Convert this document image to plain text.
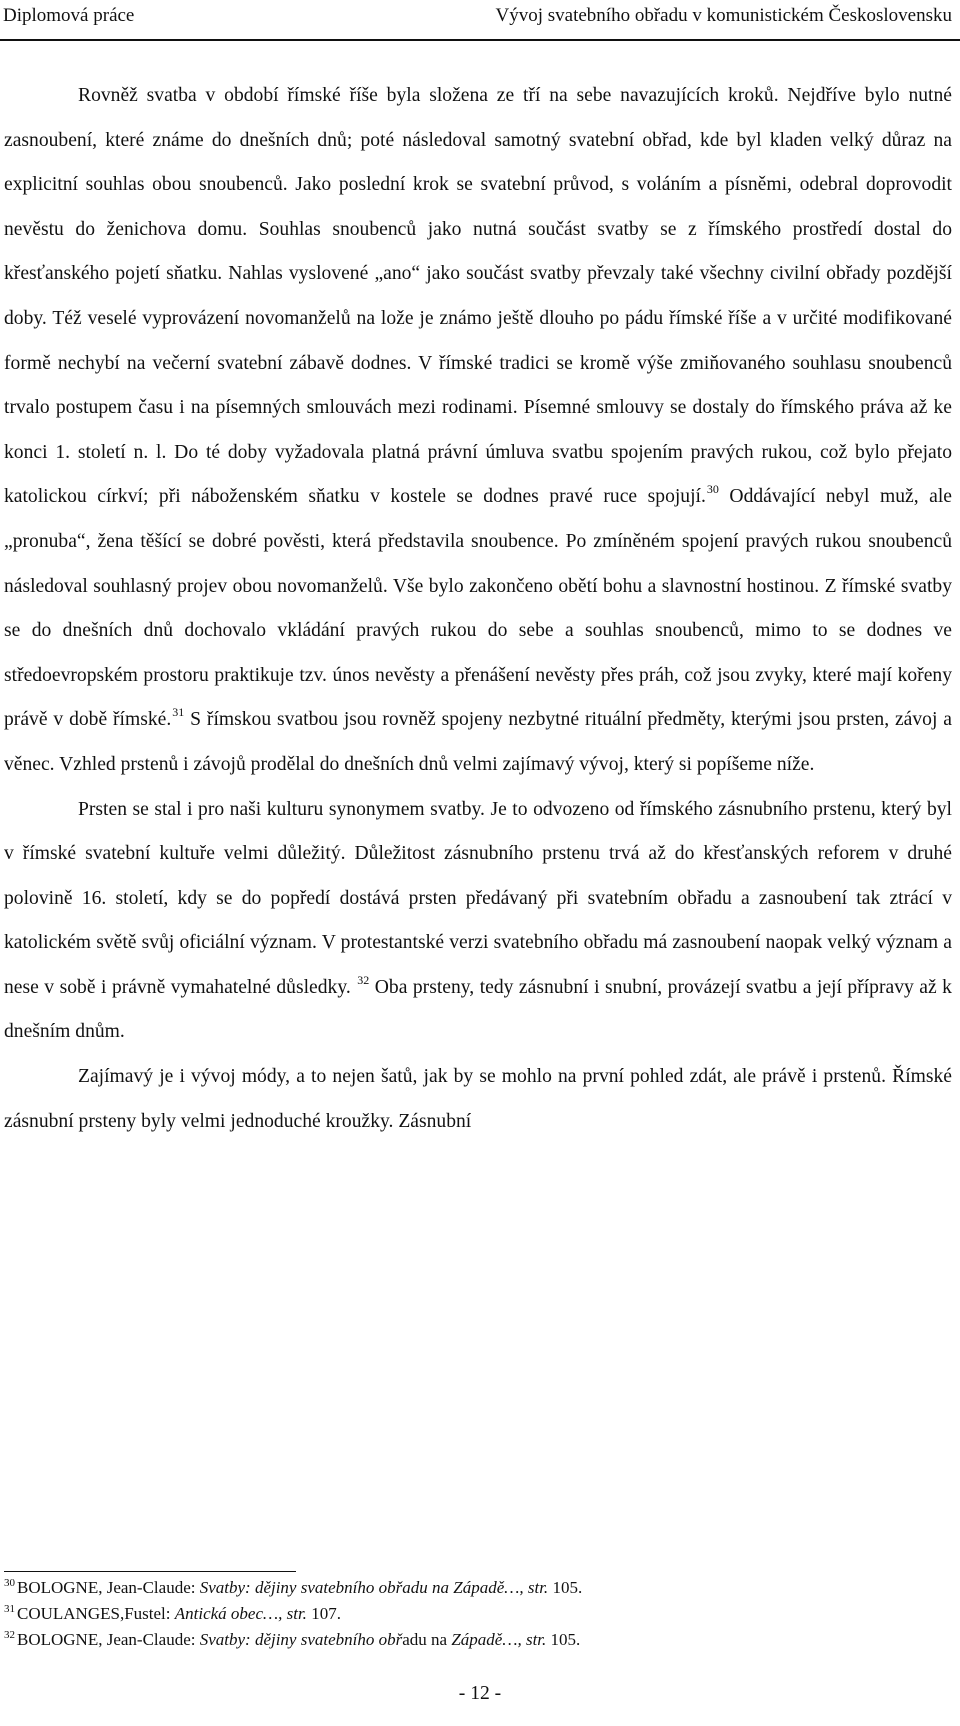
Diplomová práce	Vývoj svatebního obřadu v komunistickém Československu

Rovněž svatba v období římské říše byla složena ze tří na sebe navazujících kroků. Nejdříve bylo nutné zasnoubení, které známe do dnešních dnů; poté následoval samotný svatební obřad, kde byl kladen velký důraz na explicitní souhlas obou snoubenců. Jako poslední krok se svatební průvod, s voláním a písněmi, odebral doprovodit nevěstu do ženichova domu. Souhlas snoubenců jako nutná součást svatby se z římského prostředí dostal do křesťanského pojetí sňatku. Nahlas vyslovené „ano“ jako součást svatby převzaly také všechny civilní obřady pozdější doby. Též veselé vyprovázení novomanželů na lože je známo ještě dlouho po pádu římské říše a v určité modifikované formě nechybí na večerní svatební zábavě dodnes. V římské tradici se kromě výše zmiňovaného souhlasu snoubenců trvalo postupem času i na písemných smlouvách mezi rodinami. Písemné smlouvy se dostaly do římského práva až ke konci 1. století n. l. Do té doby vyžadovala platná právní úmluva svatbu spojením pravých rukou, což bylo přejato katolickou církví; při náboženském sňatku v kostele se dodnes pravé ruce spojují.$^{30}$ Oddávající nebyl muž, ale „pronuba“, žena těšící se dobré pověsti, která představila snoubence. Po zmíněném spojení pravých rukou snoubenců následoval souhlasný projev obou novomanželů. Vše bylo zakončeno obětí bohu a slavnostní hostinou. Z římské svatby se do dnešních dnů dochovalo vkládání pravých rukou do sebe a souhlas snoubenců, mimo to se dodnes ve středoevropském prostoru praktikuje tzv. únos nevěsty a přenášení nevěsty přes práh, což jsou zvyky, které mají kořeny právě v době římské.$^{31}$ S římskou svatbou jsou rovněž spojeny nezbytné rituální předměty, kterými jsou prsten, závoj a věnec. Vzhled prstenů i závojů prodělal do dnešních dnů velmi zajímavý vývoj, který si popíšeme níže.

Prsten se stal i pro naši kulturu synonymem svatby. Je to odvozeno od římského zásnubního prstenu, který byl v římské svatební kultuře velmi důležitý. Důležitost zásnubního prstenu trvá až do křesťanských reforem v druhé polovině 16. století, kdy se do popředí dostává prsten předávaný při svatebním obřadu a zasnoubení tak ztrácí v katolickém světě svůj oficiální význam. V protestantské verzi svatebního obřadu má zasnoubení naopak velký význam a nese v sobě i právně vymahatelné důsledky. $^{32}$ Oba prsteny, tedy zásnubní i snubní, provázejí svatbu a její přípravy až k dnešním dnům.

Zajímavý je i vývoj módy, a to nejen šatů, jak by se mohlo na první pohled zdát, ale právě i prstenů. Římské zásnubní prsteny byly velmi jednoduché kroužky. Zásnubní

$^{30}$ BOLOGNE, Jean-Claude: Svatby: dějiny svatebního obřadu na Západě…, str. 105.

$^{31}$ COULANGES,Fustel: Antická obec…, str. 107.

$^{32}$ BOLOGNE, Jean-Claude: Svatby: dějiny svatebního obřadu na Západě…, str. 105.

- 12 -
